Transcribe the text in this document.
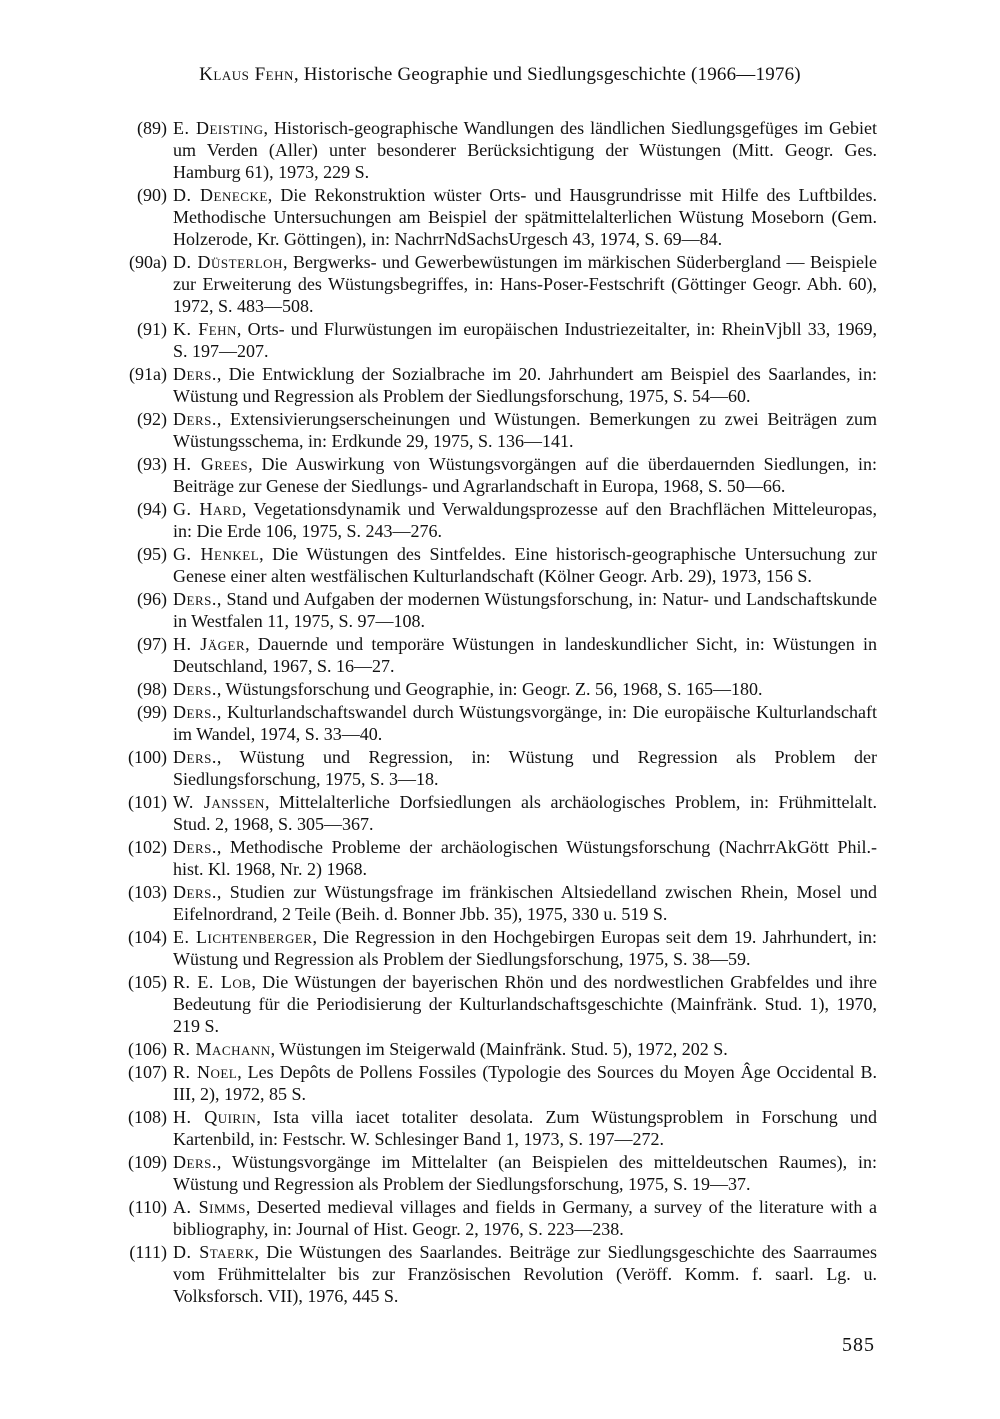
Klaus Fehn, Historische Geographie und Siedlungsgeschichte (1966—1976)
(89) E. Deisting, Historisch-geographische Wandlungen des ländlichen Siedlungsgefüges im Gebiet um Verden (Aller) unter besonderer Berücksichtigung der Wüstungen (Mitt. Geogr. Ges. Hamburg 61), 1973, 229 S.
(90) D. Denecke, Die Rekonstruktion wüster Orts- und Hausgrundrisse mit Hilfe des Luftbildes. Methodische Untersuchungen am Beispiel der spätmittelalterlichen Wüstung Moseborn (Gem. Holzerode, Kr. Göttingen), in: NachrrNdSachsUrgesch 43, 1974, S. 69—84.
(90a) D. Düsterloh, Bergwerks- und Gewerbewüstungen im märkischen Süderbergland — Beispiele zur Erweiterung des Wüstungsbegriffes, in: Hans-Poser-Festschrift (Göttinger Geogr. Abh. 60), 1972, S. 483—508.
(91) K. Fehn, Orts- und Flurwüstungen im europäischen Industriezeitalter, in: RheinVjbll 33, 1969, S. 197—207.
(91a) Ders., Die Entwicklung der Sozialbrache im 20. Jahrhundert am Beispiel des Saarlandes, in: Wüstung und Regression als Problem der Siedlungsforschung, 1975, S. 54—60.
(92) Ders., Extensivierungserscheinungen und Wüstungen. Bemerkungen zu zwei Beiträgen zum Wüstungsschema, in: Erdkunde 29, 1975, S. 136—141.
(93) H. Grees, Die Auswirkung von Wüstungsvorgängen auf die überdauernden Siedlungen, in: Beiträge zur Genese der Siedlungs- und Agrarlandschaft in Europa, 1968, S. 50—66.
(94) G. Hard, Vegetationsdynamik und Verwaldungsprozesse auf den Brachflächen Mitteleuropas, in: Die Erde 106, 1975, S. 243—276.
(95) G. Henkel, Die Wüstungen des Sintfeldes. Eine historisch-geographische Untersuchung zur Genese einer alten westfälischen Kulturlandschaft (Kölner Geogr. Arb. 29), 1973, 156 S.
(96) Ders., Stand und Aufgaben der modernen Wüstungsforschung, in: Natur- und Landschaftskunde in Westfalen 11, 1975, S. 97—108.
(97) H. Jäger, Dauernde und temporäre Wüstungen in landeskundlicher Sicht, in: Wüstungen in Deutschland, 1967, S. 16—27.
(98) Ders., Wüstungsforschung und Geographie, in: Geogr. Z. 56, 1968, S. 165—180.
(99) Ders., Kulturlandschaftswandel durch Wüstungsvorgänge, in: Die europäische Kulturlandschaft im Wandel, 1974, S. 33—40.
(100) Ders., Wüstung und Regression, in: Wüstung und Regression als Problem der Siedlungsforschung, 1975, S. 3—18.
(101) W. Janssen, Mittelalterliche Dorfsiedlungen als archäologisches Problem, in: Frühmittelalt. Stud. 2, 1968, S. 305—367.
(102) Ders., Methodische Probleme der archäologischen Wüstungsforschung (NachrrAkGött Phil.-hist. Kl. 1968, Nr. 2) 1968.
(103) Ders., Studien zur Wüstungsfrage im fränkischen Altsiedelland zwischen Rhein, Mosel und Eifelnordrand, 2 Teile (Beih. d. Bonner Jbb. 35), 1975, 330 u. 519 S.
(104) E. Lichtenberger, Die Regression in den Hochgebirgen Europas seit dem 19. Jahrhundert, in: Wüstung und Regression als Problem der Siedlungsforschung, 1975, S. 38—59.
(105) R. E. Lob, Die Wüstungen der bayerischen Rhön und des nordwestlichen Grabfeldes und ihre Bedeutung für die Periodisierung der Kulturlandschaftsgeschichte (Mainfränk. Stud. 1), 1970, 219 S.
(106) R. Machann, Wüstungen im Steigerwald (Mainfränk. Stud. 5), 1972, 202 S.
(107) R. Noel, Les Depôts de Pollens Fossiles (Typologie des Sources du Moyen Âge Occidental B. III, 2), 1972, 85 S.
(108) H. Quirin, Ista villa iacet totaliter desolata. Zum Wüstungsproblem in Forschung und Kartenbild, in: Festschr. W. Schlesinger Band 1, 1973, S. 197—272.
(109) Ders., Wüstungsvorgänge im Mittelalter (an Beispielen des mitteldeutschen Raumes), in: Wüstung und Regression als Problem der Siedlungsforschung, 1975, S. 19—37.
(110) A. Simms, Deserted medieval villages and fields in Germany, a survey of the literature with a bibliography, in: Journal of Hist. Geogr. 2, 1976, S. 223—238.
(111) D. Staerk, Die Wüstungen des Saarlandes. Beiträge zur Siedlungsgeschichte des Saarraumes vom Frühmittelalter bis zur Französischen Revolution (Veröff. Komm. f. saarl. Lg. u. Volksforsch. VII), 1976, 445 S.
585
